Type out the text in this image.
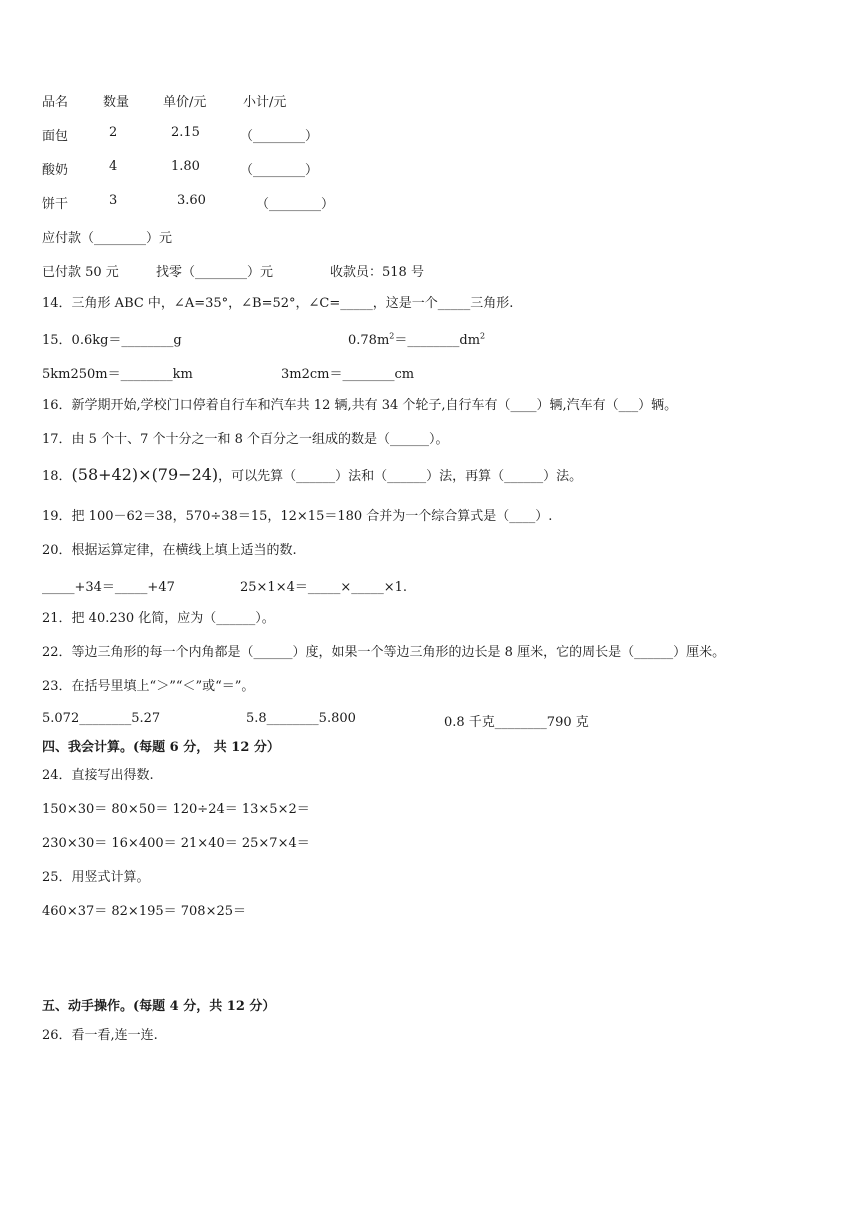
品名	数量	单价/元	小计/元
面包	2	2.15	（________）
酸奶	4	1.80	（________）
饼干	3	3.60	（________）
应付款（________）元
已付款 50 元	找零（________）元	收款员：518 号
14．三角形 ABC 中，∠A=35°，∠B=52°，∠C=_____，这是一个_____三角形.
15．0.6kg＝________g	$0.78m^2=\_\_\_\_\_\_\_\_dm^2$
5km250m＝________km	3m2cm＝________cm
16．新学期开始,学校门口停着自行车和汽车共 12 辆,共有 34 个轮子,自行车有（____）辆,汽车有（___）辆。
17．由 5 个十、7 个十分之一和 8 个百分之一组成的数是（______）。
18．(58+42)×(79−24)，可以先算（______）法和（______）法，再算（______）法。
19．把 100－62＝38，570÷38＝15，12×15＝180 合并为一个综合算式是（____）.
20．根据运算定律，在横线上填上适当的数.
_____+34＝_____+47	25×1×4＝_____×_____×1.
21．把 40.230 化简，应为（______）。
22．等边三角形的每一个内角都是（______）度，如果一个等边三角形的边长是 8 厘米，它的周长是（______）厘米。
23．在括号里填上“＞”“＜”或“＝”。
5.072________5.27	5.8________5.800	0.8 千克________790 克
四、我会计算。(每题 6 分， 共 12 分）
24．直接写出得数.
150×30＝ 80×50＝ 120÷24＝ 13×5×2＝
230×30＝ 16×400＝ 21×40＝ 25×7×4＝
25．用竖式计算。
460×37＝ 82×195＝ 708×25＝
五、动手操作。(每题 4 分，共 12 分）
26．看一看,连一连.
